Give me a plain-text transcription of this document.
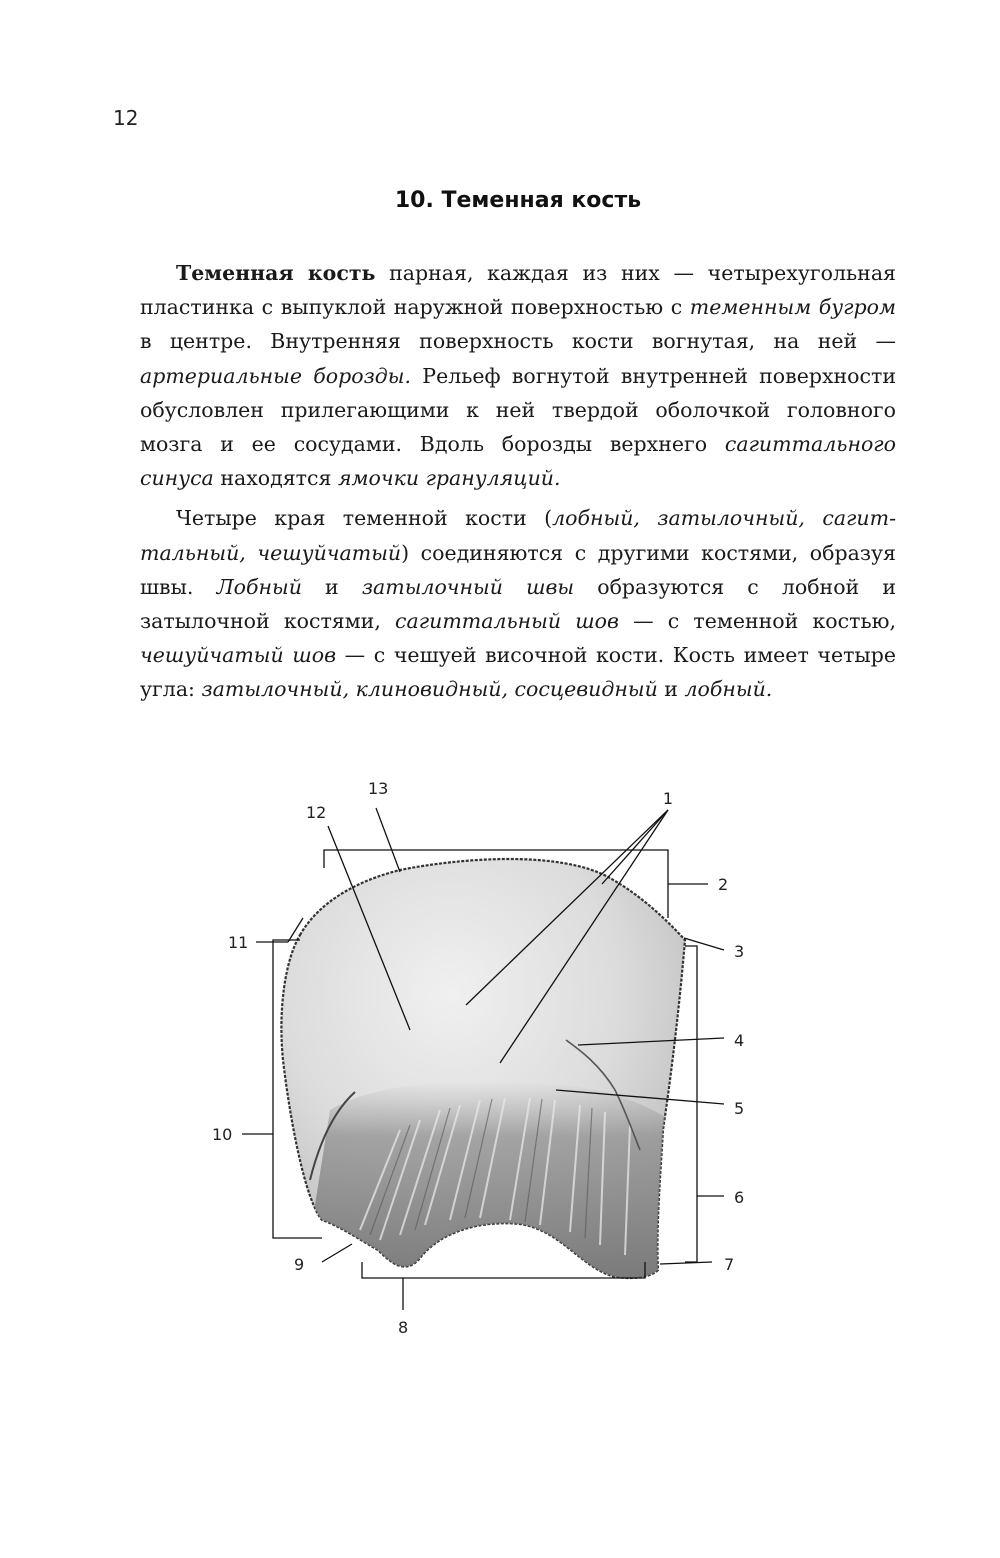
12
10. Теменная кость

Теменная кость парная, каждая из них — четырехугольная пластинка с выпуклой наружной поверхностью с теменным бугром в центре. Внутренняя поверхность кости вогнутая, на ней — артериальные борозды. Рельеф вогнутой внутренней поверхности обусловлен прилегающими к ней твердой оболочкой головного мозга и ее сосудами. Вдоль борозды верхнего сагиттального синуса находятся ямочки грануляций.

Четыре края теменной кости (лобный, затылочный, сагиттальный, чешуйчатый) соединяются с другими костями, образуя швы. Лобный и затылочный швы образуются с лобной и затылочной костями, сагиттальный шов — с теменной костью, чешуйчатый шов — с чешуей височной кости. Кость имеет четыре угла: затылочный, клиновидный, сосцевидный и лобный.

1
2
3
4
5
6
7
8
9
10
11
12
13
